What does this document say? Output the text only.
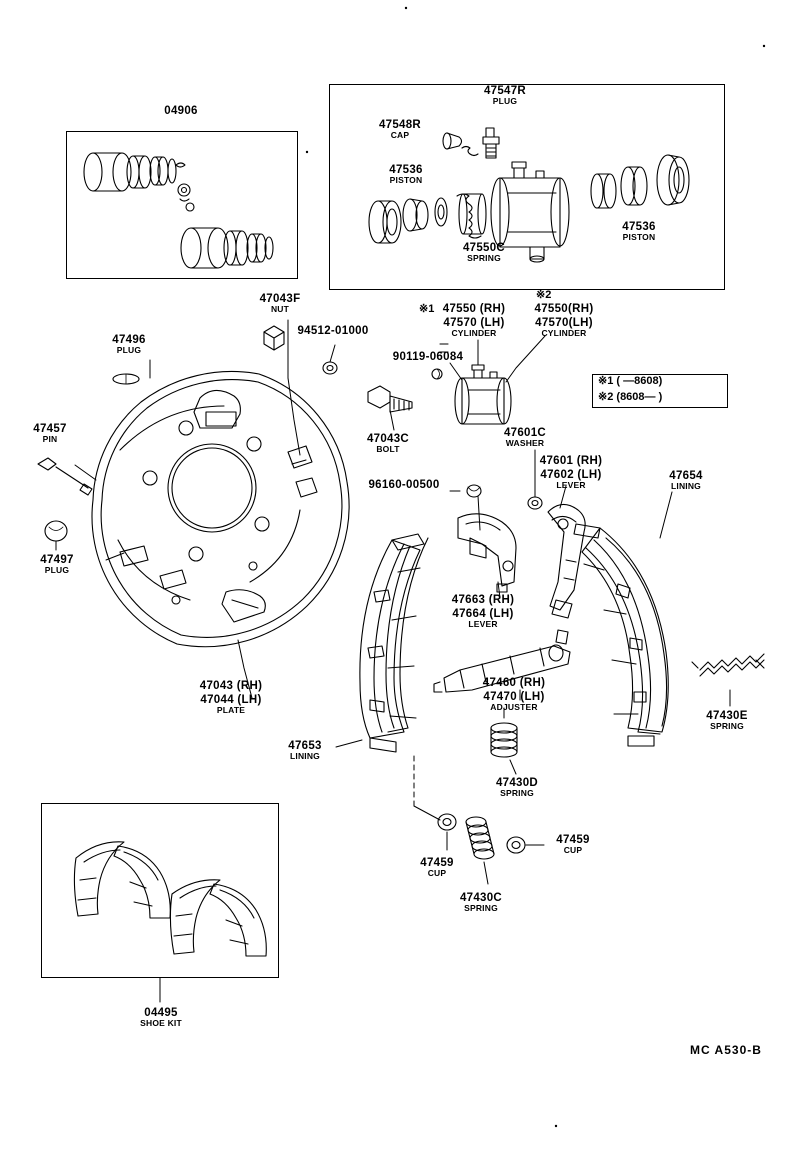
※1 ( —8608)
※2 (8608— )
※1
※2
04906
47547R
PLUG
47548R
CAP
47536
PISTON
47550C
SPRING
47536
PISTON
47043F
NUT
94512-01000
47496
PLUG
47457
PIN
47497
PLUG
47043C
BOLT
90119-06084
47550 (RH)
47570 (LH)
CYLINDER
47550(RH)
47570(LH)
CYLINDER
47601C
WASHER
47601 (RH)
47602 (LH)
LEVER
47654
LINING
96160-00500
47663 (RH)
47664 (LH)
LEVER
47043 (RH)
47044 (LH)
PLATE
47460 (RH)
47470 (LH)
ADJUSTER
47430E
SPRING
47653
LINING
47430D
SPRING
47459
CUP
47459
CUP
47430C
SPRING
04495
SHOE KIT
MC A530-B
